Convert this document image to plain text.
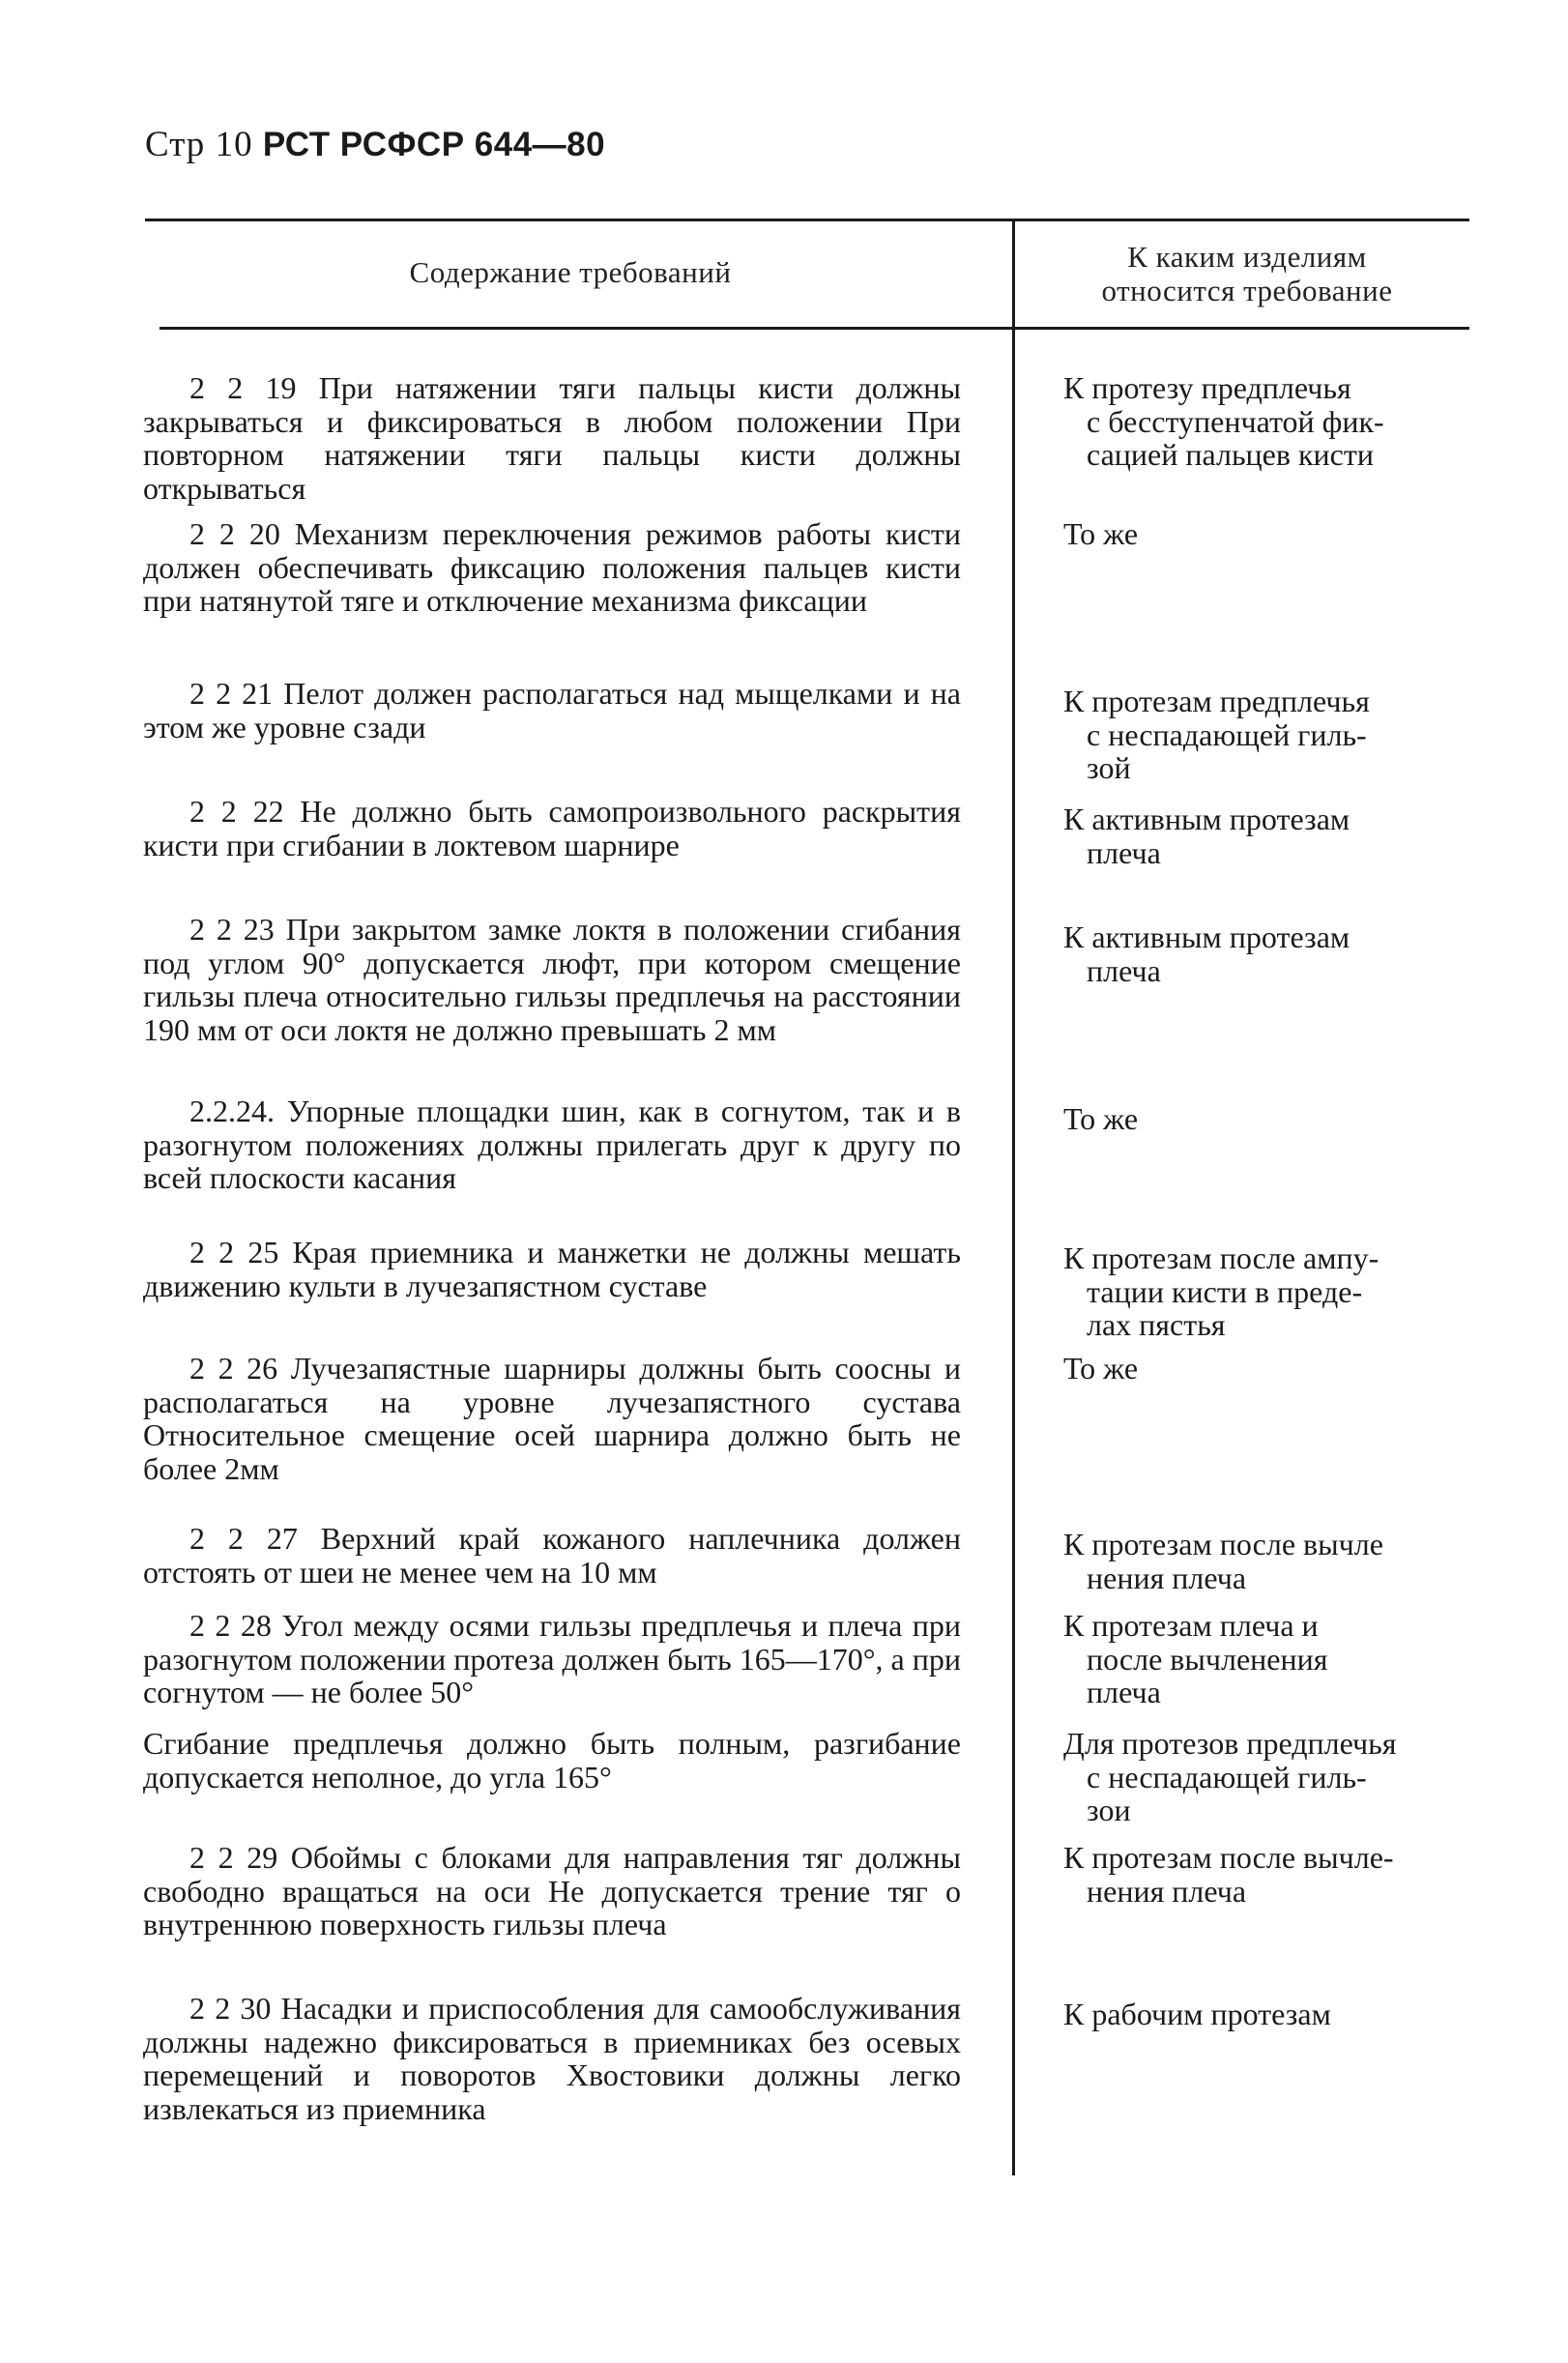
Стр 10 РСТ РСФСР 644—80
Содержание требований	К каким изделиям
относится требование
2 2 19 При натяжении тяги пальцы кисти должны закрываться и фиксироваться в любом положении При повторном натяжении тяги пальцы кисти должны открываться
К протезу предплечья
с бесступенчатой фик-
сацией пальцев кисти
2 2 20 Механизм переключения режимов работы кисти должен обеспечивать фиксацию положения пальцев кисти при натянутой тяге и отключение механизма фиксации
То же
2 2 21 Пелот должен располагаться над мыщелками и на этом же уровне сзади
К протезам предплечья
с неспадающей гиль-
зой
2 2 22 Не должно быть самопроизвольного раскрытия кисти при сгибании в локтевом шарнире
К активным протезам
плеча
2 2 23 При закрытом замке локтя в положении сгибания под углом 90° допускается люфт, при котором смещение гильзы плеча относительно гильзы предплечья на расстоянии 190 мм от оси локтя не должно превышать 2 мм
К активным протезам
плеча
2.2.24. Упорные площадки шин, как в согнутом, так и в разогнутом положениях должны прилегать друг к другу по всей плоскости касания
То же
2 2 25 Края приемника и манжетки не должны мешать движению культи в лучезапястном суставе
К протезам после ампу-
тации кисти в преде-
лах пястья
2 2 26 Лучезапястные шарниры должны быть соосны и располагаться на уровне лучезапястного сустава Относительное смещение осей шарнира должно быть не более 2мм
То же
2 2 27 Верхний край кожаного наплечника должен отстоять от шеи не менее чем на 10 мм
К протезам после вычле
нения плеча
2 2 28 Угол между осями гильзы предплечья и плеча при разогнутом положении протеза должен быть 165—170°, а при согнутом — не более 50°
К протезам плеча и
после вычленения
плеча
Сгибание предплечья должно быть полным, разгибание допускается неполное, до угла 165°
Для протезов предплечья
с неспадающей гиль-
зои
2 2 29 Обоймы с блоками для направления тяг должны свободно вращаться на оси Не допускается трение тяг о внутреннюю поверхность гильзы плеча
К протезам после вычле-
нения плеча
2 2 30 Насадки и приспособления для самообслуживания должны надежно фиксироваться в приемниках без осевых перемещений и поворотов Хвостовики должны легко извлекаться из приемника
К рабочим протезам
